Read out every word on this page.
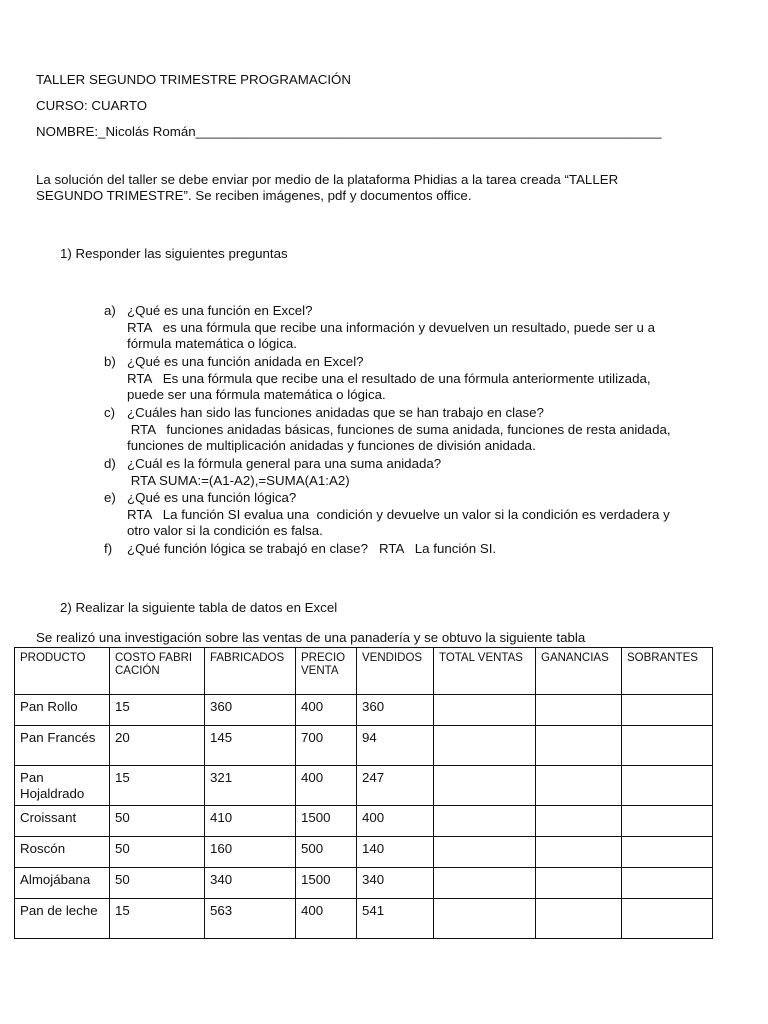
TALLER SEGUNDO TRIMESTRE PROGRAMACIÓN
CURSO: CUARTO
NOMBRE:_Nicolás Román_______________________________________________________________
La solución del taller se debe enviar por medio de la plataforma Phidias a la tarea creada “TALLER
SEGUNDO TRIMESTRE”. Se reciben imágenes, pdf y documentos office.
1) Responder las siguientes preguntas
a) ¿Qué es una función en Excel?
RTA   es una fórmula que recibe una información y devuelven un resultado, puede ser u a
fórmula matemática o lógica.
b) ¿Qué es una función anidada en Excel?
RTA   Es una fórmula que recibe una el resultado de una fórmula anteriormente utilizada,
puede ser una fórmula matemática o lógica.
c) ¿Cuáles han sido las funciones anidadas que se han trabajo en clase?
RTA   funciones anidadas básicas, funciones de suma anidada, funciones de resta anidada,
funciones de multiplicación anidadas y funciones de división anidada.
d) ¿Cuál es la fórmula general para una suma anidada?
RTA SUMA:=(A1-A2),=SUMA(A1:A2)
e) ¿Qué es una función lógica?
RTA   La función SI evalua una  condición y devuelve un valor si la condición es verdadera y
otro valor si la condición es falsa.
f) ¿Qué función lógica se trabajó en clase?   RTA   La función SI.
2) Realizar la siguiente tabla de datos en Excel
Se realizó una investigación sobre las ventas de una panadería y se obtuvo la siguiente tabla
PRODUCTO	COSTO FABRICACIÓN	FABRICADOS	PRECIO VENTA	VENDIDOS	TOTAL VENTAS	GANANCIAS	SOBRANTES
Pan Rollo	15	360	400	360			
Pan Francés	20	145	700	94			
Pan Hojaldrado	15	321	400	247			
Croissant	50	410	1500	400			
Roscón	50	160	500	140			
Almojábana	50	340	1500	340			
Pan de leche	15	563	400	541			
